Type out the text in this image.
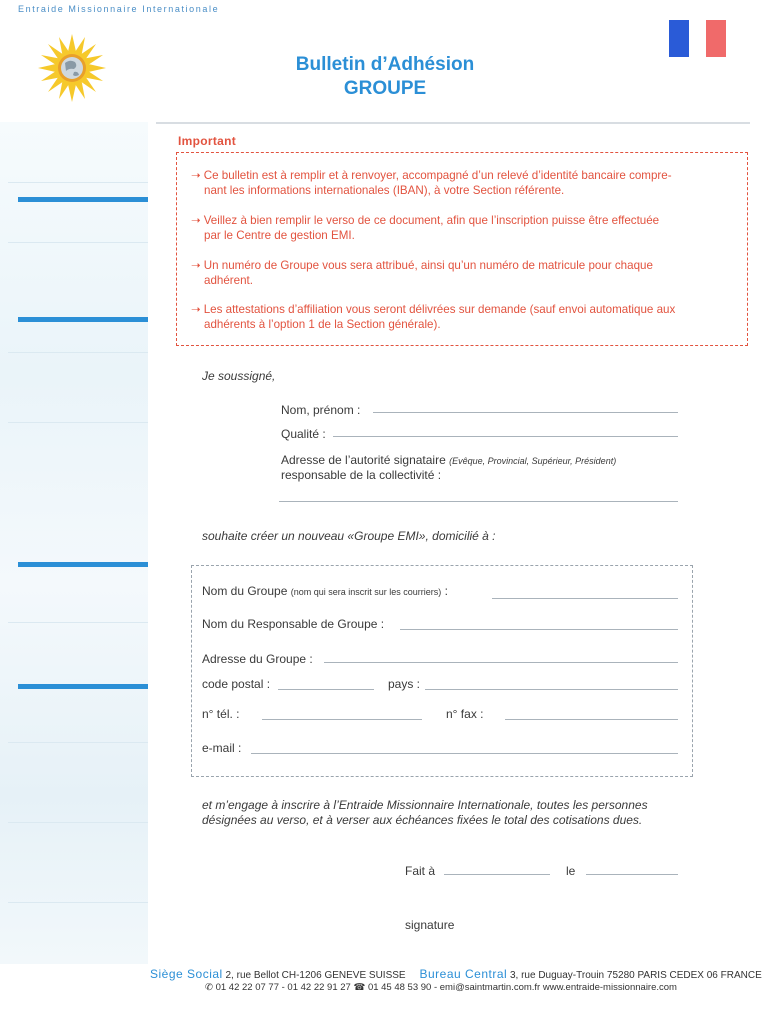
Entraide Missionnaire Internationale
Bulletin d’Adhésion
GROUPE
Important
➝ Ce bulletin est à remplir et à renvoyer, accompagné d’un relevé d’identité bancaire compre-
nant les informations internationales (IBAN), à votre Section référente.
➝ Veillez à bien remplir le verso de ce document, afin que l’inscription puisse être effectuée
par le Centre de gestion EMI.
➝ Un numéro de Groupe vous sera attribué, ainsi qu’un numéro de matricule pour chaque
adhérent.
➝ Les attestations d’affiliation vous seront délivrées sur demande (sauf envoi automatique aux
adhérents à l’option 1 de la Section générale).
Je soussigné,
Nom, prénom :
Qualité :
Adresse de l’autorité signataire (Evêque, Provincial, Supérieur, Président)
responsable de la collectivité :
souhaite créer un nouveau «Groupe EMI», domicilié à :
Nom du Groupe (nom qui sera inscrit sur les courriers) :
Nom du Responsable de Groupe :
Adresse du Groupe :
code postal :	pays :
n° tél. :	n° fax :
e-mail :
et m’engage à inscrire à l’Entraide Missionnaire Internationale, toutes les personnes
désignées au verso, et à verser aux échéances fixées le total des cotisations dues.
Fait à	le
signature
Siège Social 2, rue Bellot CH-1206 GENEVE SUISSE Bureau Central 3, rue Duguay-Trouin 75280 PARIS CEDEX 06 FRANCE
✆ 01 42 22 07 77 - 01 42 22 91 27 ☎ 01 45 48 53 90 - emi@saintmartin.com.fr www.entraide-missionnaire.com
